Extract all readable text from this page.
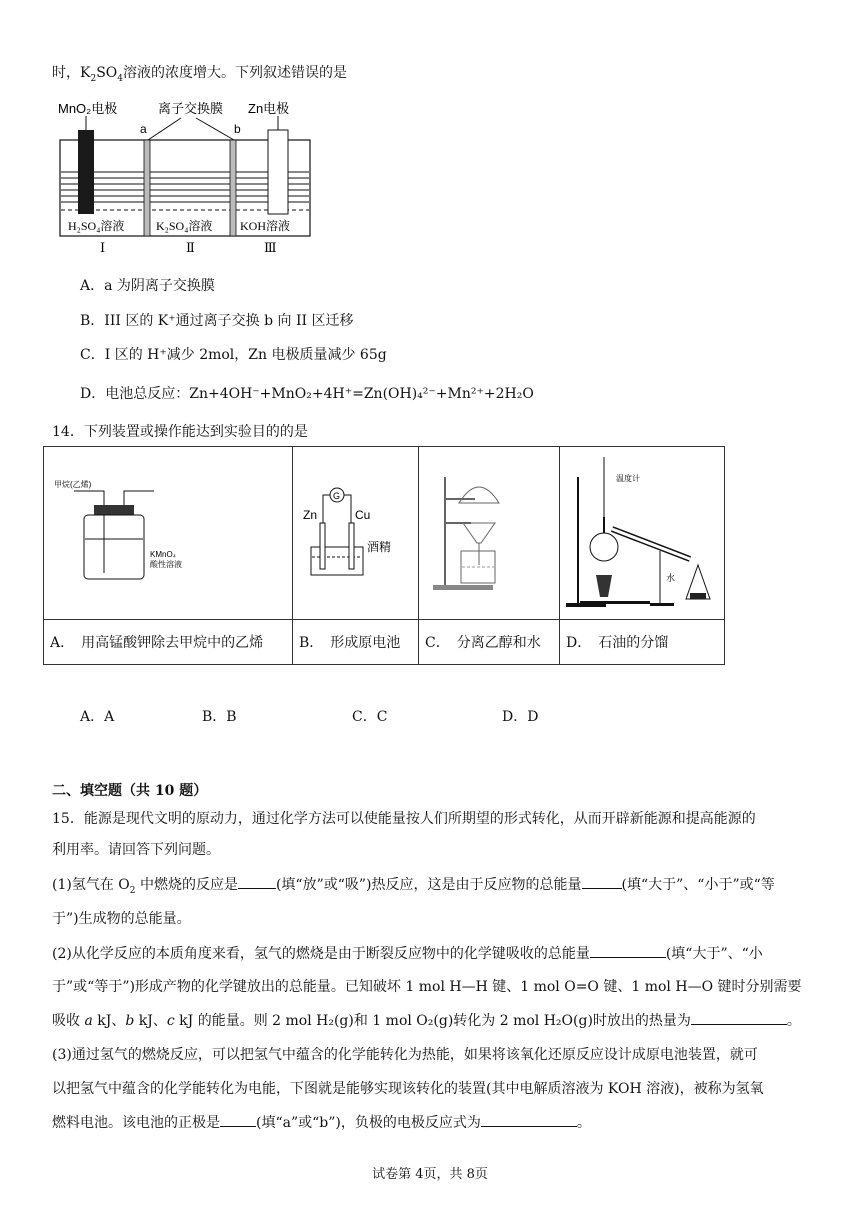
时，$K_2SO_4$溶液的浓度增大。下列叙述错误的是
MnO₂电极	离子交换膜 Zn电极
a	b
H₂SO₄溶液	K₂SO₄溶液 KOH溶液
Ⅰ	Ⅱ	Ⅲ
A．a 为阴离子交换膜
B．III 区的 K⁺通过离子交换 b 向 II 区迁移
C．I 区的 H⁺减少 2mol，Zn 电极质量减少 65g
D．电池总反应：Zn+4OH⁻+MnO₂+4H⁺=Zn(OH)₄²⁻+Mn²⁺+2H₂O
14．下列装置或操作能达到实验目的的是
甲烷(乙烯)
KMnO₄
酸性溶液	G
Zn Cu
酒精		温度计
水

A．　用高锰酸钾除去甲烷中的乙烯	B．　形成原电池	C．　分离乙醇和水	D．　石油的分馏
A．A	B．B	C．C	D．D
二、填空题（共 10 题）
15．能源是现代文明的原动力，通过化学方法可以使能量按人们所期望的形式转化，从而开辟新能源和提高能源的
利用率。请回答下列问题。
(1)氢气在 $O_2$ 中燃烧的反应是	(填“放”或“吸”)热反应，这是由于反应物的总能量	(填“大于”、“小于”或“等
于”)生成物的总能量。
(2)从化学反应的本质角度来看，氢气的燃烧是由于断裂反应物中的化学键吸收的总能量	(填“大于”、“小
于”或“等于”)形成产物的化学键放出的总能量。已知破坏 1 mol H—H 键、1 mol O=O 键、1 mol H—O 键时分别需要
吸收 a kJ、b kJ、c kJ 的能量。则 2 mol H₂(g)和 1 mol O₂(g)转化为 2 mol H₂O(g)时放出的热量为	。
(3)通过氢气的燃烧反应，可以把氢气中蕴含的化学能转化为热能，如果将该氧化还原反应设计成原电池装置，就可
以把氢气中蕴含的化学能转化为电能，下图就是能够实现该转化的装置(其中电解质溶液为 KOH 溶液)，被称为氢氧
燃料电池。该电池的正极是	(填“a”或“b”)，负极的电极反应式为	。
试卷第 4页，共 8页
